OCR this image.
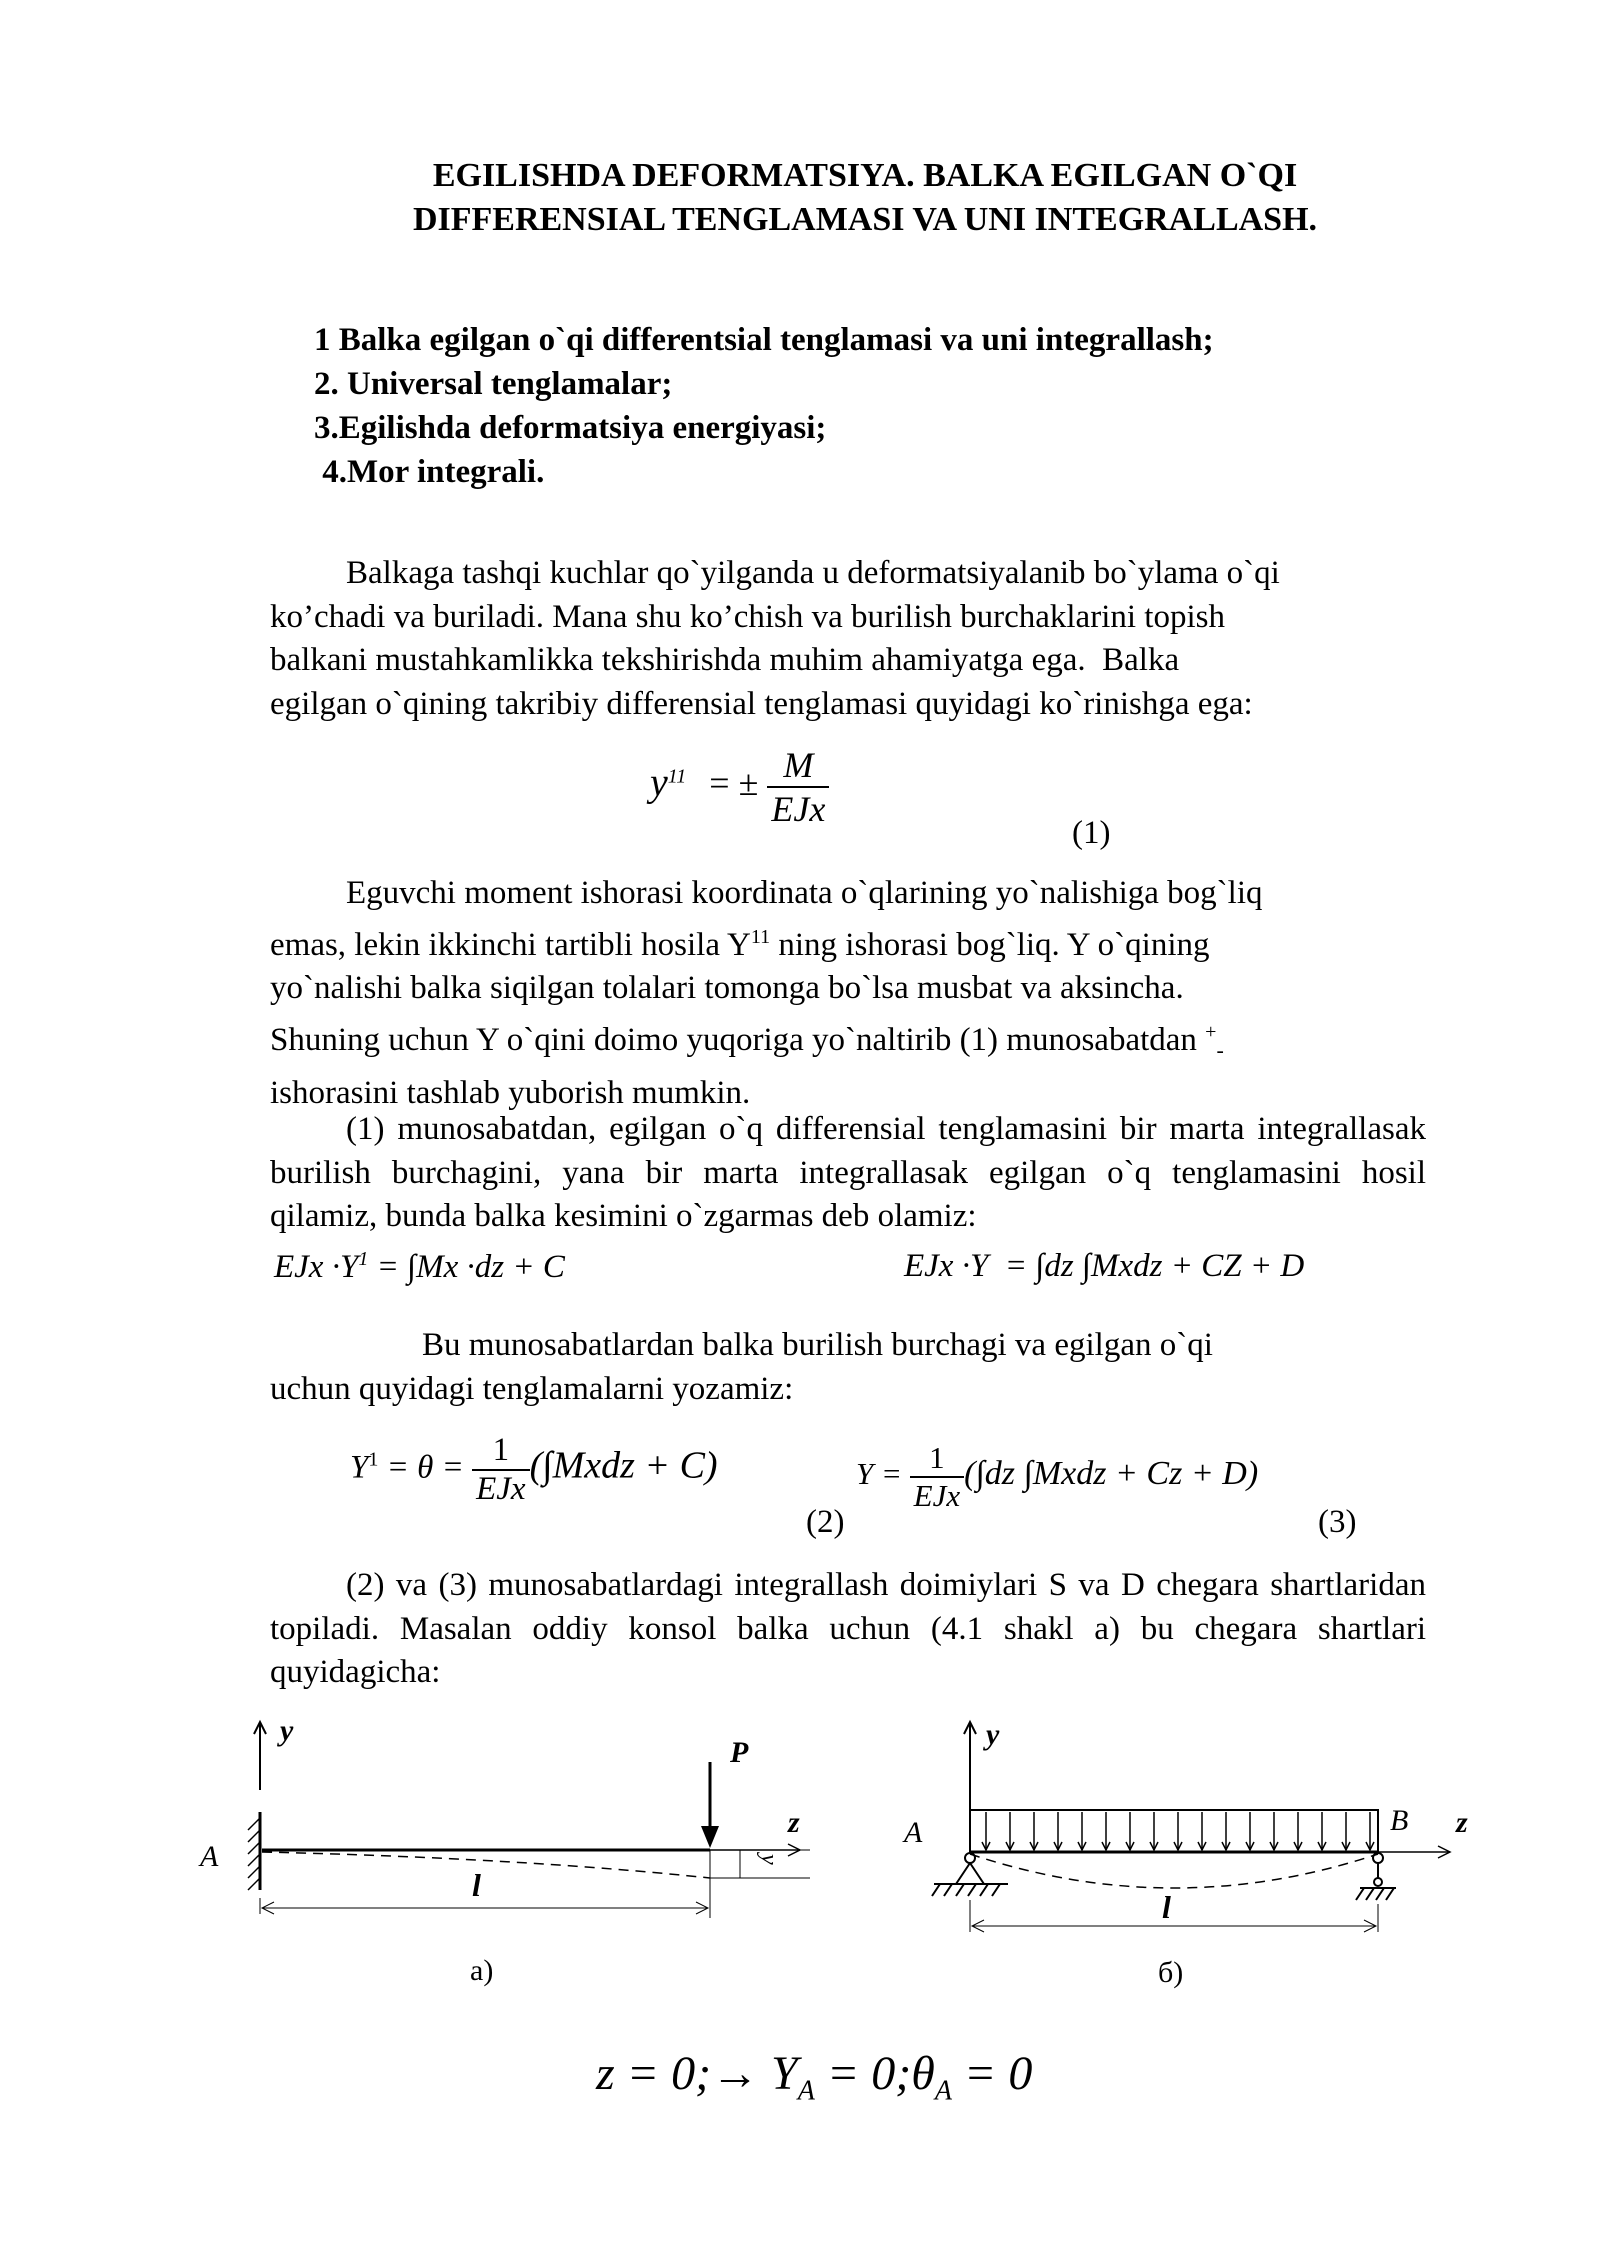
EGILISHDA DEFORMATSIYA. BALKA EGILGAN O`QI
DIFFERENSIAL TENGLAMASI VA UNI INTEGRALLASH.
1 Balka egilgan o`qi differentsial tenglamasi va uni integrallash;
2. Universal tenglamalar;
3.Egilishda deformatsiya energiyasi;
4.Mor integrali.
Balkaga tashqi kuchlar qo`yilganda u deformatsiyalanib bo`ylama o`qi
ko’chadi va buriladi. Mana shu ko’chish va burilish burchaklarini topish
balkani mustahkamlikka tekshirishda muhim ahamiyatga ega.  Balka
egilgan o`qining takribiy differensial tenglamasi quyidagi ko`rinishga ega:
$y^{11}$ = ± $\frac{M}{\text{EJx}}$
(1)
Eguvchi moment ishorasi koordinata o`qlarining yo`nalishiga bog`liq
emas, lekin ikkinchi tartibli hosila $Y^{11}$ ning ishorasi bog`liq. Y o`qining
yo`nalishi balka siqilgan tolalari tomonga bo`lsa musbat va aksincha.
Shuning uchun Y o`qini doimo yuqoriga yo`naltirib (1) munosabatdan +$_-$
ishorasini tashlab yuborish mumkin.

(1) munosabatdan, egilgan o`q differensial tenglamasini bir marta integrallasak burilish burchagini, yana bir marta integrallasak egilgan o`q tenglamasini hosil qilamiz, bunda balka kesimini o`zgarmas deb olamiz:

EJx $\cdot Y^1 = \int Mx \cdot dz + C$	EJx ·Y  = ∫dz ∫Mxdz + CZ + D
Bu munosabatlardan balka burilish burchagi va egilgan o`qi
uchun quyidagi tenglamalarni yozamiz:
$Y^1 = \theta = \frac{1}{\text{EJx}}$ (∫Mxdz + C)
(2)
$Y = \frac{1}{\text{EJx}} (\int dz$ ∫Mxdz + Cz + D)
(3)

(2) va (3) munosabatlardagi integrallash doimiylari S va D chegara shartlaridan topiladi. Masalan oddiy konsol balka uchun (4.1 shakl a) bu chegara shartlari quyidagicha:

y
A
P
z
y
l
a)
y
A	B z
l
б)
z = 0;→ $Y_A$ = $0;\theta_A = 0$
